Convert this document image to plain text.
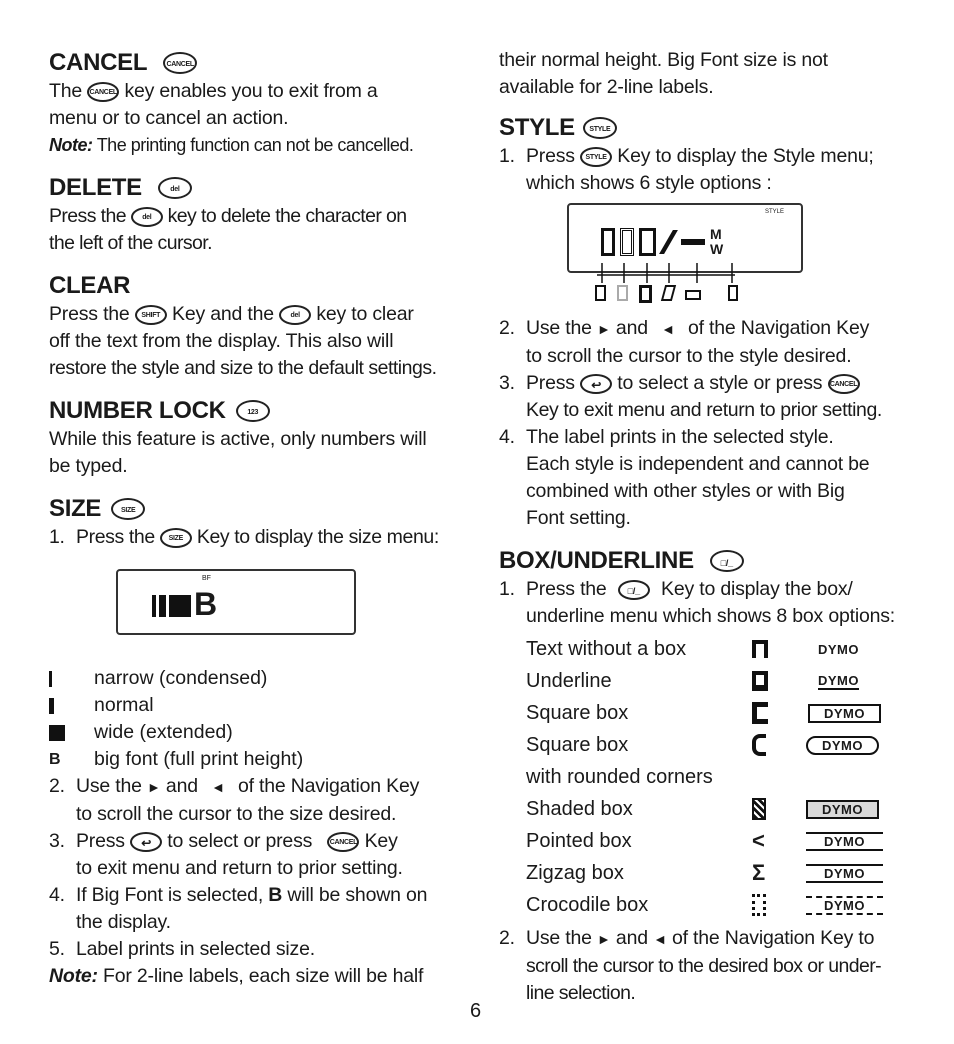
CANCEL	CANCEL

The CANCEL key enables you to exit from a

menu or to cancel an action.

Note: The printing function can not be cancelled.

DELETE	del

Press the del key to delete the character on

the left of the cursor.

CLEAR

Press the SHIFT Key and the del key to clear

off the text from the display. This also will

restore the style and size to the default settings.

NUMBER LOCK	123

While this feature is active, only numbers will

be typed.

SIZE	SIZE

1. Press the SIZE Key to display the size menu:

BF
B
narrow (condensed)
normal
wide (extended)
B	big font (full print height)

2. Use the ► and ◄ of the Navigation Key

to scroll the cursor to the size desired.

3. Press ↩ to select or press	CANCEL Key

to exit menu and return to prior setting.

4. If Big Font is selected, B will be shown on

the display.

5. Label prints in selected size.

Note: For 2-line labels, each size will be half

their normal height. Big Font size is not

available for 2-line labels.

STYLE	STYLE

1. Press STYLE Key to display the Style menu;

which shows 6 style options :

STYLE
M
W

2. Use the ► and ◄ of the Navigation Key

to scroll the cursor to the style desired.

3. Press ↩ to select a style or press CANCEL

Key to exit menu and return to prior setting.

4. The label prints in the selected style.

Each style is independent and cannot be

combined with other styles or with Big

Font setting.

BOX/UNDERLINE	□/_

1. Press the □/_ Key to display the box/

underline menu which shows 8 box options:

Text without a box	DYMO
Underline	DYMO
Square box	DYMO
Square box	DYMO
with rounded corners
Shaded box	DYMO
Pointed box	<	DYMO
Zigzag box	Σ	DYMO
Crocodile box	DYMO

2. Use the ► and ◄ of the Navigation Key to

scroll the cursor to the desired box or under-

line selection.

6
